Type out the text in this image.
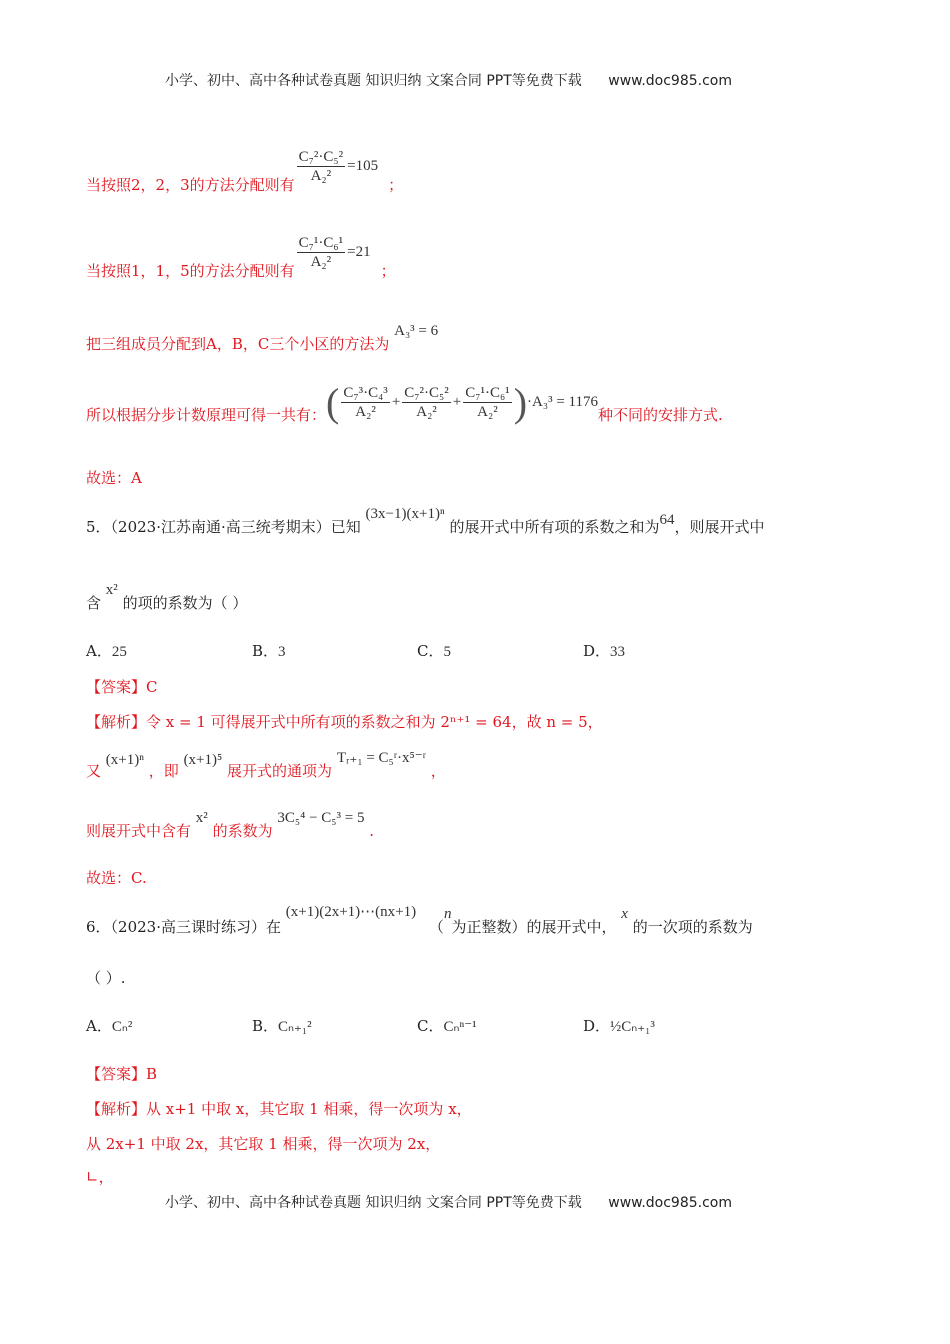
小学、初中、高中各种试卷真题 知识归纳 文案合同 PPT等免费下载 www.doc985.com
当按照2，2，3的方法分配则有 $\frac{\text{C₇²·C₅²}}{\text{A₂²}} =105$
；
当按照1，1，5的方法分配则有 $\frac{\text{C₇¹·C₆¹}}{\text{A₂²}} =21$
；
把三组成员分配到A，B，C三个小区的方法为 A₃³ = 6
所以根据分步计数原理可得一共有： ( $\frac{\text{C₇³·C₄³}}{\text{A₂²}} + \frac{\text{C₇²·C₅²}}{\text{A₂²}} + \frac{\text{C₇¹·C₆¹}}{\text{A₂²}}$ ) ·A₃³ = 1176
种不同的安排方式.
故选：A
5．（2023·江苏南通·高三统考期末）已知 (3x−1)(x+1)ⁿ 的展开式中所有项的系数之和为64，则展开式中
含 x² 的项的系数为（ ）
A．25	B．3	C．5	D．33
【答案】C
【解析】令 x = 1 可得展开式中所有项的系数之和为 2ⁿ⁺¹ = 64，故 n = 5，
又 (x+1)ⁿ ，即 (x+1)⁵ 展开式的通项为 Tᵣ₊₁ = C₅ʳ·x⁵⁻ʳ ，
则展开式中含有 x² 的系数为 3C₅⁴ − C₅³ = 5 .
故选：C.
6．（2023·高三课时练习）在 (x+1)(2x+1)⋯(nx+1) （n为正整数）的展开式中， x 的一次项的系数为
（ ）.
A．Cₙ²	B．Cₙ₊₁²	C．Cₙⁿ⁻¹	D．½Cₙ₊₁³
【答案】B
【解析】从 x+1 中取 x，其它取 1 相乘，得一次项为 x，
从 2x+1 中取 2x，其它取 1 相乘，得一次项为 2x，
∟，
小学、初中、高中各种试卷真题 知识归纳 文案合同 PPT等免费下载 www.doc985.com
